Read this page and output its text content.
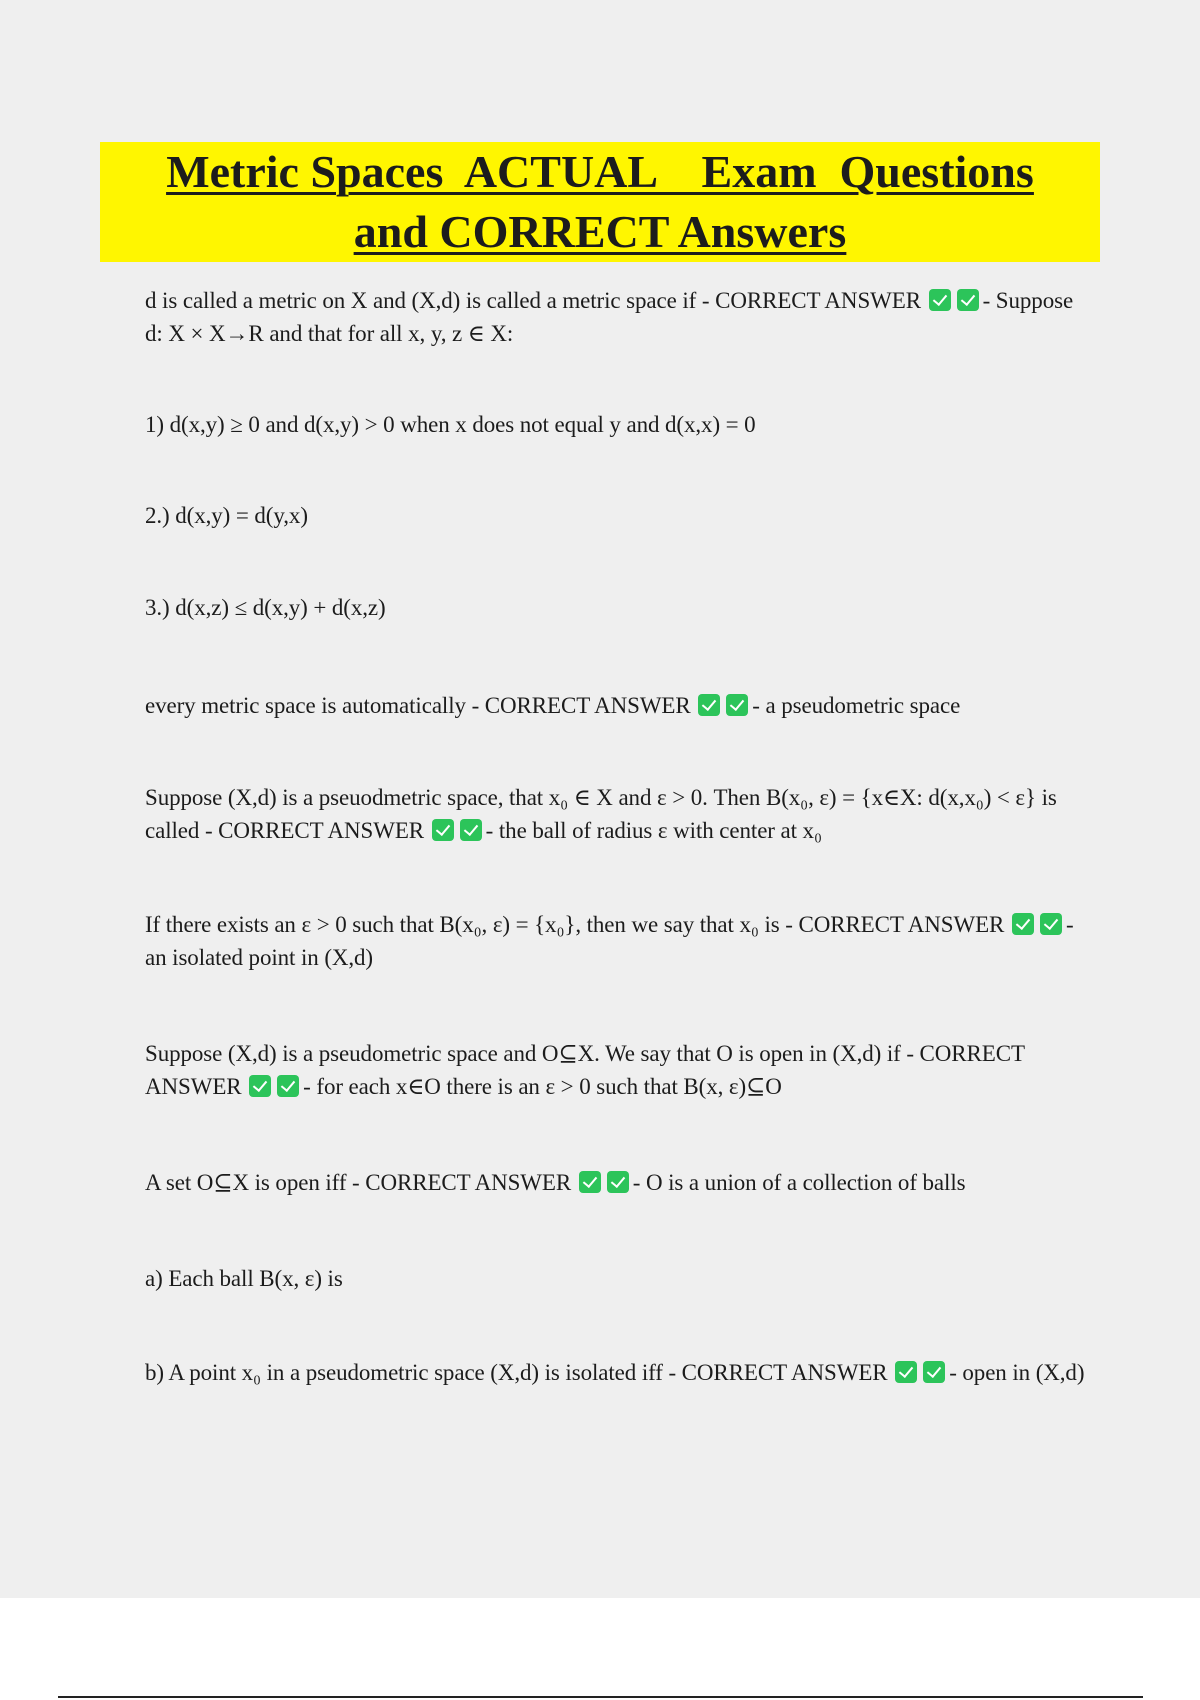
Metric Spaces  ACTUAL    Exam  Questions
and CORRECT Answers

d is called a metric on X and (X,d) is called a metric space if - CORRECT ANSWER	- Suppose d: X × X→R and that for all x, y, z ∈ X:

1) d(x,y) ≥ 0 and d(x,y) > 0 when x does not equal y and d(x,x) = 0

2.) d(x,y) = d(y,x)

3.) d(x,z) ≤ d(x,y) + d(x,z)

every metric space is automatically - CORRECT ANSWER	- a pseudometric space

Suppose (X,d) is a pseuodmetric space, that x₀ ∈ X and ε > 0. Then B(x₀, ε) = {x∈X: d(x,x₀) < ε} is called - CORRECT ANSWER	- the ball of radius ε with center at x₀

If there exists an ε > 0 such that B(x₀, ε) = {x₀}, then we say that x₀ is - CORRECT ANSWER	- an isolated point in (X,d)

Suppose (X,d) is a pseudometric space and O⊆X. We say that O is open in (X,d) if - CORRECT ANSWER	- for each x∈O there is an ε > 0 such that B(x, ε)⊆O

A set O⊆X is open iff - CORRECT ANSWER	- O is a union of a collection of balls

a) Each ball B(x, ε) is

b) A point x₀ in a pseudometric space (X,d) is isolated iff - CORRECT ANSWER	- open in (X,d)
